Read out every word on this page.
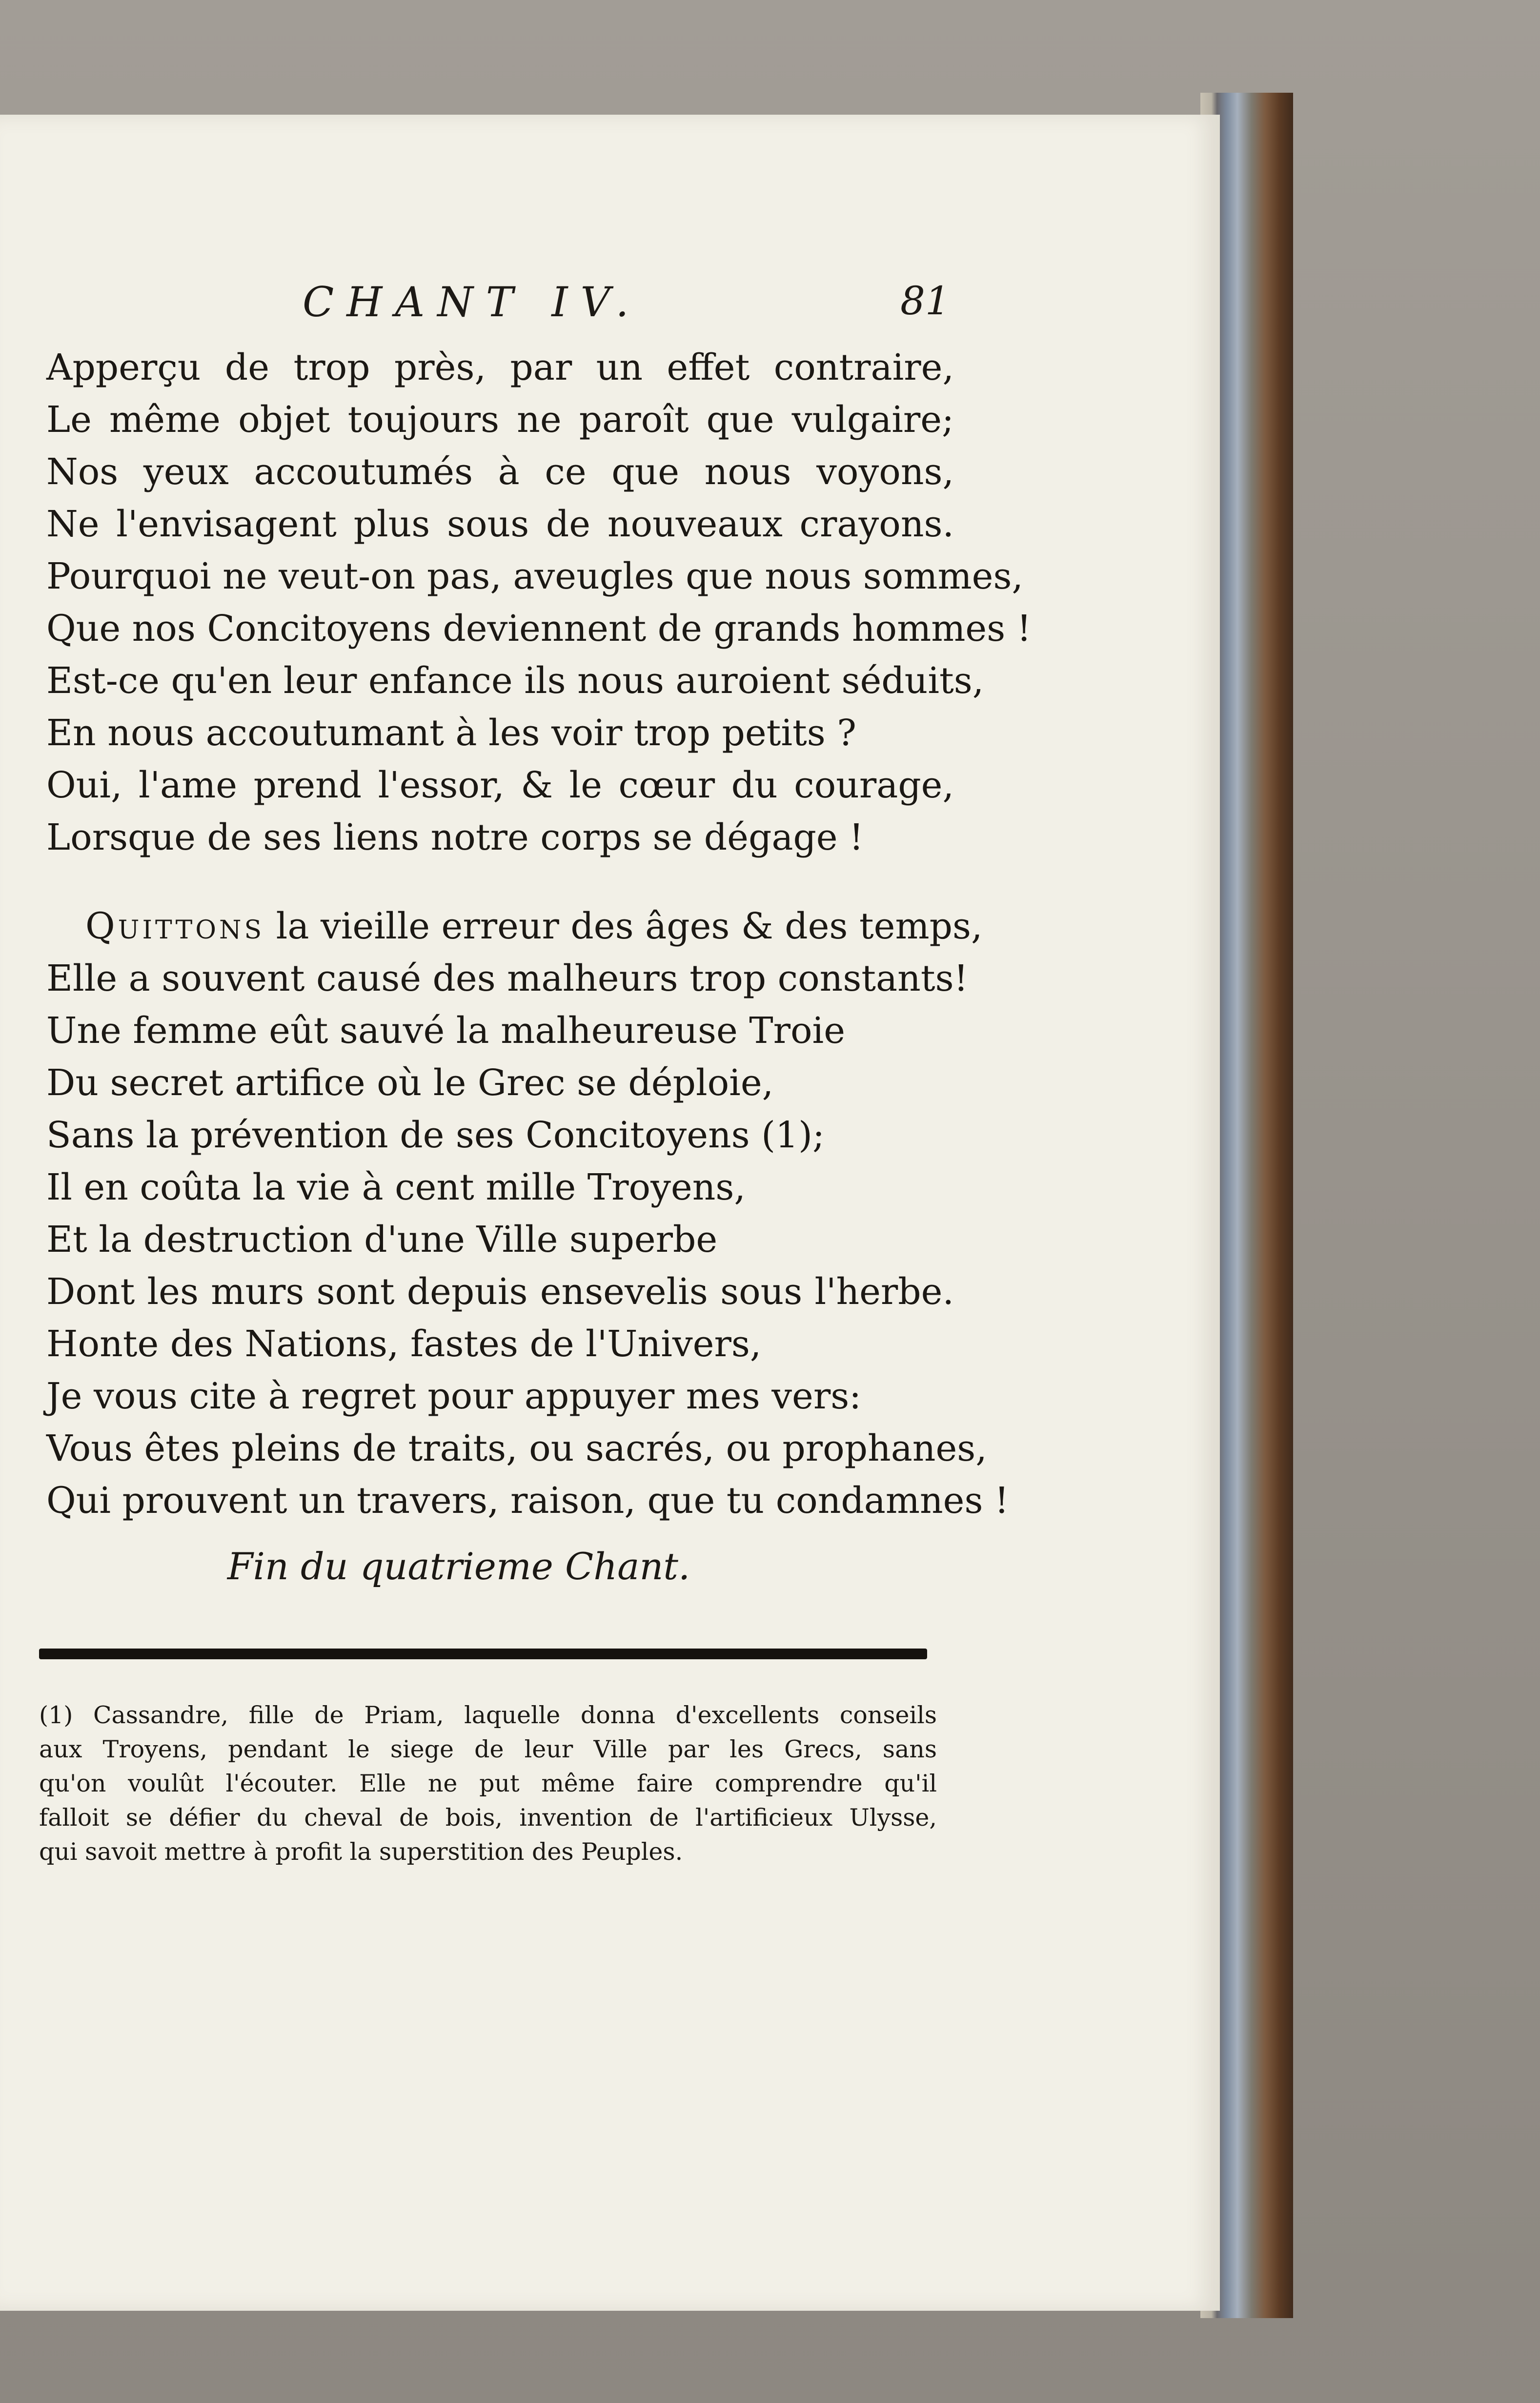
CHANT IV.	81
Apperçu de trop près, par un effet contraire,
Le même objet toujours ne paroît que vulgaire;
Nos yeux accoutumés à ce que nous voyons,
Ne l'envisagent plus sous de nouveaux crayons.
Pourquoi ne veut-on pas, aveugles que nous sommes,
Que nos Concitoyens deviennent de grands hommes !
Est-ce qu'en leur enfance ils nous auroient séduits,
En nous accoutumant à les voir trop petits ?
Oui, l'ame prend l'essor, & le cœur du courage,
Lorsque de ses liens notre corps se dégage !
Quittons la vieille erreur des âges & des temps,
Elle a souvent causé des malheurs trop constants!
Une femme eût sauvé la malheureuse Troie
Du secret artifice où le Grec se déploie,
Sans la prévention de ses Concitoyens (1);
Il en coûta la vie à cent mille Troyens,
Et la destruction d'une Ville superbe
Dont les murs sont depuis ensevelis sous l'herbe.
Honte des Nations, fastes de l'Univers,
Je vous cite à regret pour appuyer mes vers:
Vous êtes pleins de traits, ou sacrés, ou prophanes,
Qui prouvent un travers, raison, que tu condamnes !
Fin du quatrieme Chant.
(1) Cassandre, fille de Priam, laquelle donna d'excellents conseils
aux Troyens, pendant le siege de leur Ville par les Grecs, sans
qu'on voulût l'écouter. Elle ne put même faire comprendre qu'il
falloit se défier du cheval de bois, invention de l'artificieux Ulysse,
qui savoit mettre à profit la superstition des Peuples.
